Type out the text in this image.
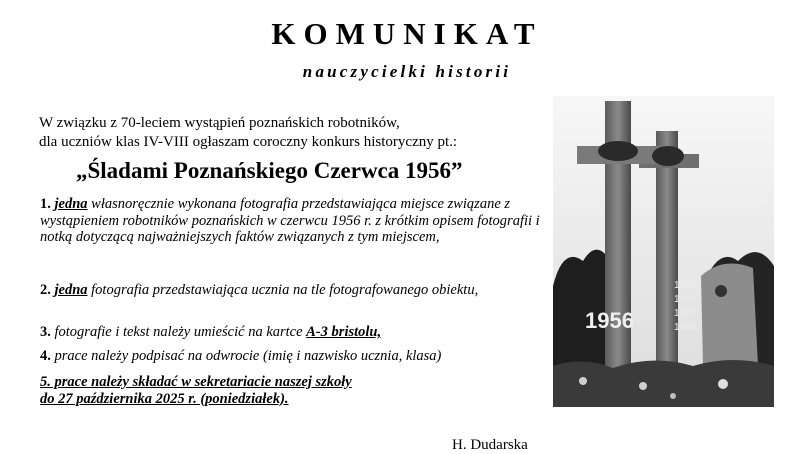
KOMUNIKAT
nauczycielki historii
W związku z 70-leciem wystąpień poznańskich robotników,
dla uczniów klas IV-VIII ogłaszam coroczny konkurs historyczny pt.:
„Śladami Poznańskiego Czerwca 1956”
1. jedna własnoręcznie wykonana fotografia przedstawiająca miejsce związane z wystąpieniem robotników poznańskich w czerwcu 1956 r. z krótkim opisem fotografii i notką dotyczącą najważniejszych faktów związanych z tym miejscem,
2. jedna fotografia przedstawiająca ucznia na tle fotografowanego obiektu,
3. fotografie i tekst należy umieścić na kartce A-3 bristolu,
4. prace należy podpisać na odwrocie (imię i nazwisko ucznia, klasa)
5. prace należy składać w sekretariacie naszej szkoły
do 27 października 2025 r. (poniedziałek).
1956
1980
1976
1970
1968
H. Dudarska
